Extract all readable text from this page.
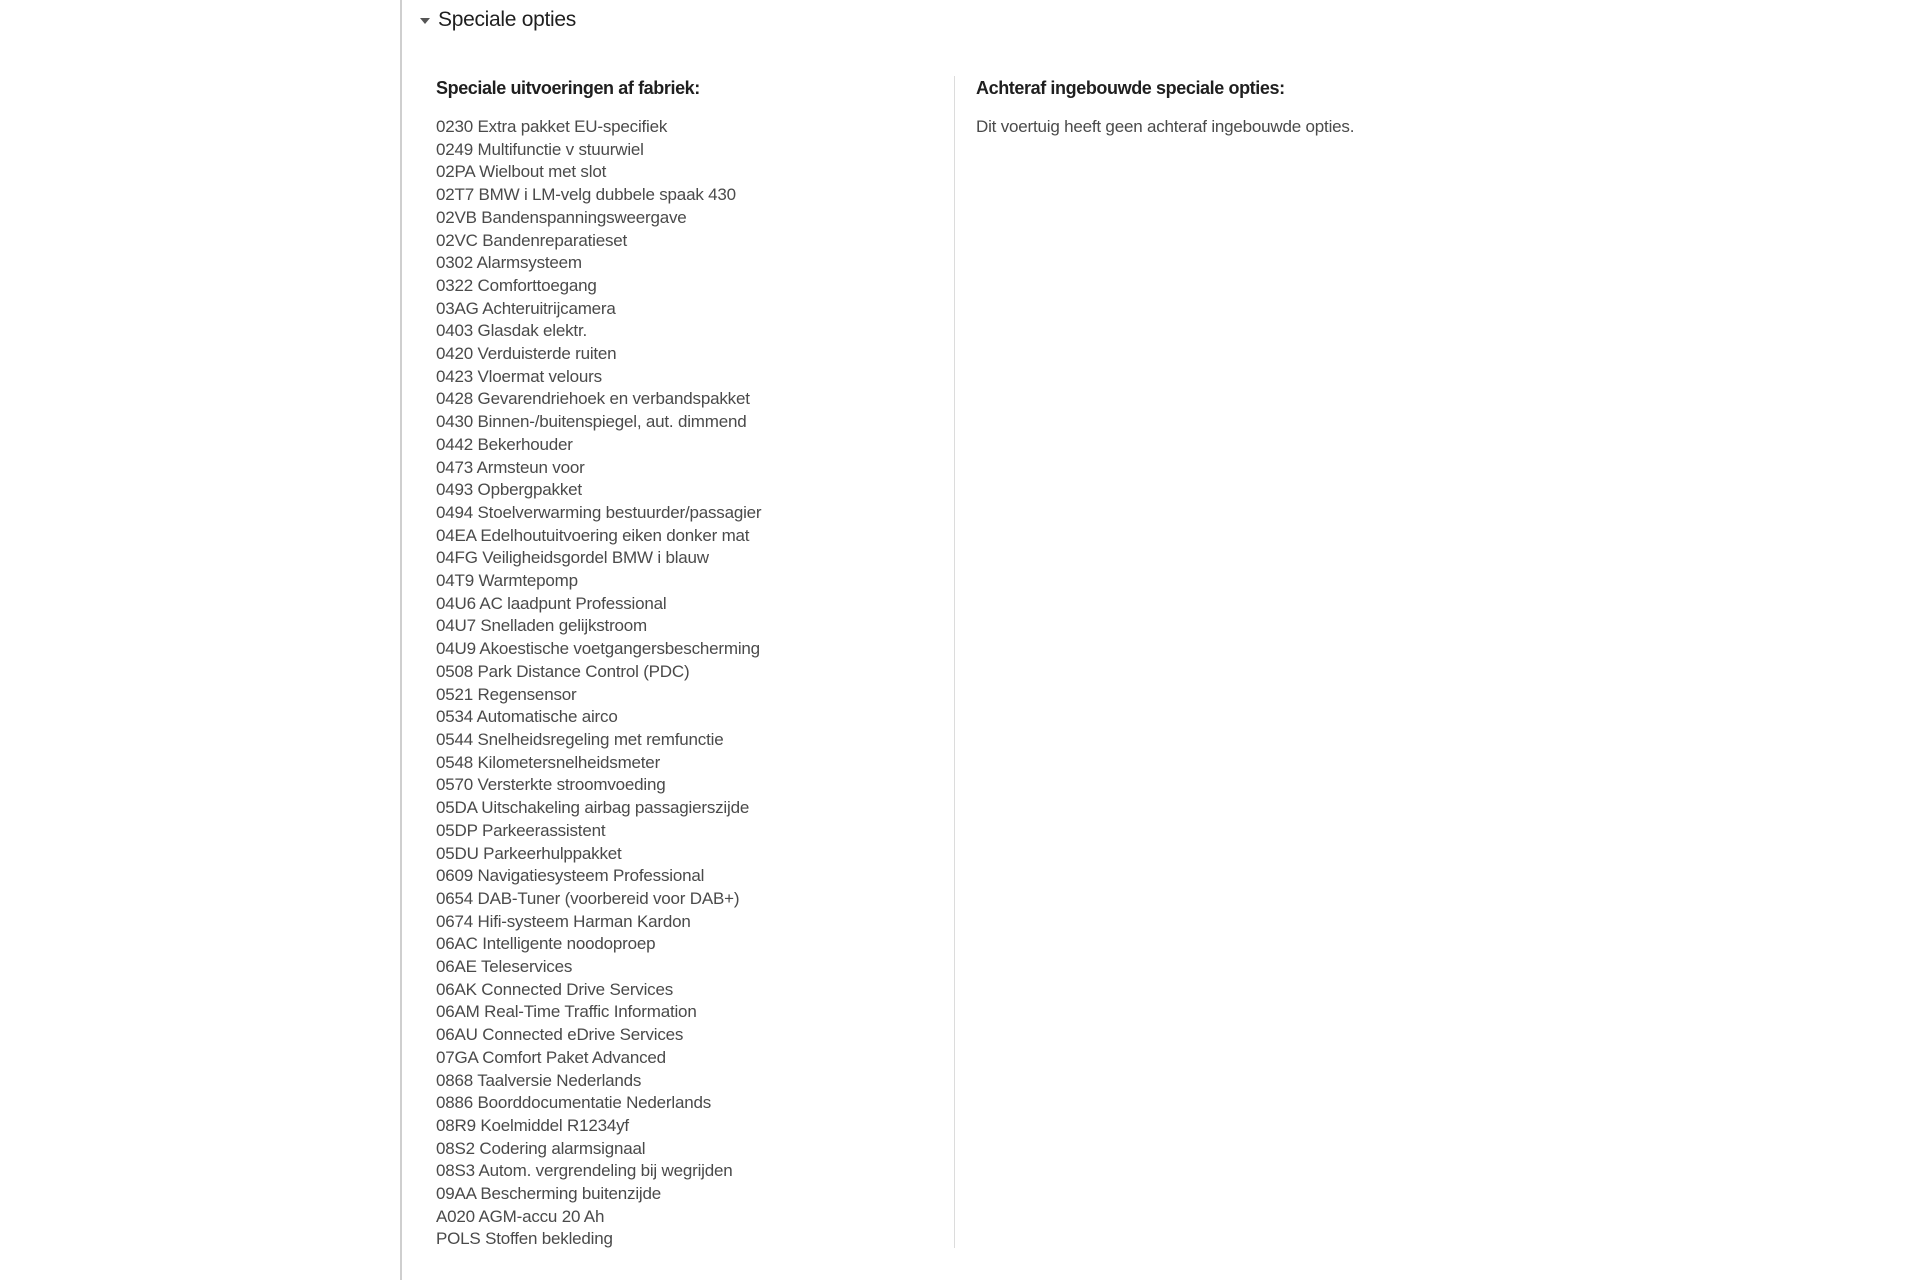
Speciale opties
Speciale uitvoeringen af fabriek:
0230 Extra pakket EU-specifiek
0249 Multifunctie v stuurwiel
02PA Wielbout met slot
02T7 BMW i LM-velg dubbele spaak 430
02VB Bandenspanningsweergave
02VC Bandenreparatieset
0302 Alarmsysteem
0322 Comforttoegang
03AG Achteruitrijcamera
0403 Glasdak elektr.
0420 Verduisterde ruiten
0423 Vloermat velours
0428 Gevarendriehoek en verbandspakket
0430 Binnen-/buitenspiegel, aut. dimmend
0442 Bekerhouder
0473 Armsteun voor
0493 Opbergpakket
0494 Stoelverwarming bestuurder/passagier
04EA Edelhoutuitvoering eiken donker mat
04FG Veiligheidsgordel BMW i blauw
04T9 Warmtepomp
04U6 AC laadpunt Professional
04U7 Snelladen gelijkstroom
04U9 Akoestische voetgangersbescherming
0508 Park Distance Control (PDC)
0521 Regensensor
0534 Automatische airco
0544 Snelheidsregeling met remfunctie
0548 Kilometersnelheidsmeter
0570 Versterkte stroomvoeding
05DA Uitschakeling airbag passagierszijde
05DP Parkeerassistent
05DU Parkeerhulppakket
0609 Navigatiesysteem Professional
0654 DAB-Tuner (voorbereid voor DAB+)
0674 Hifi-systeem Harman Kardon
06AC Intelligente noodoproep
06AE Teleservices
06AK Connected Drive Services
06AM Real-Time Traffic Information
06AU Connected eDrive Services
07GA Comfort Paket Advanced
0868 Taalversie Nederlands
0886 Boorddocumentatie Nederlands
08R9 Koelmiddel R1234yf
08S2 Codering alarmsignaal
08S3 Autom. vergrendeling bij wegrijden
09AA Bescherming buitenzijde
A020 AGM-accu 20 Ah
POLS Stoffen bekleding
Achteraf ingebouwde speciale opties:
Dit voertuig heeft geen achteraf ingebouwde opties.
